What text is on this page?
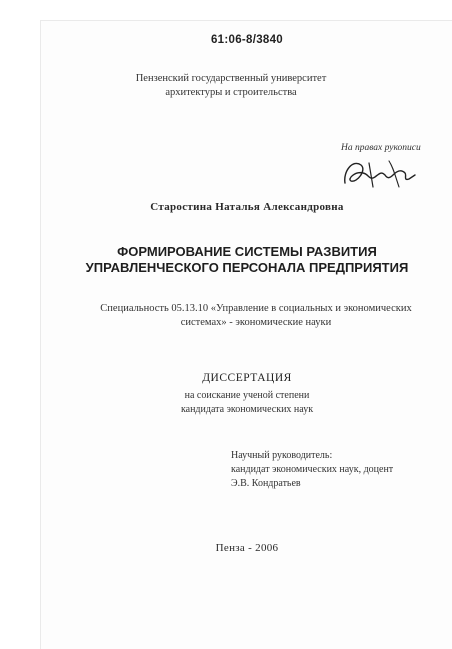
61:06-8/3840
Пензенский государственный университет
архитектуры и строительства
На правах рукописи
Старостина Наталья Александровна
ФОРМИРОВАНИЕ СИСТЕМЫ РАЗВИТИЯ
УПРАВЛЕНЧЕСКОГО ПЕРСОНАЛА ПРЕДПРИЯТИЯ
Специальность 05.13.10 «Управление в социальных и экономических
системах» - экономические науки
ДИССЕРТАЦИЯ
на соискание ученой степени
кандидата экономических наук
Научный руководитель:
кандидат экономических наук, доцент
Э.В. Кондратьев
Пенза - 2006
